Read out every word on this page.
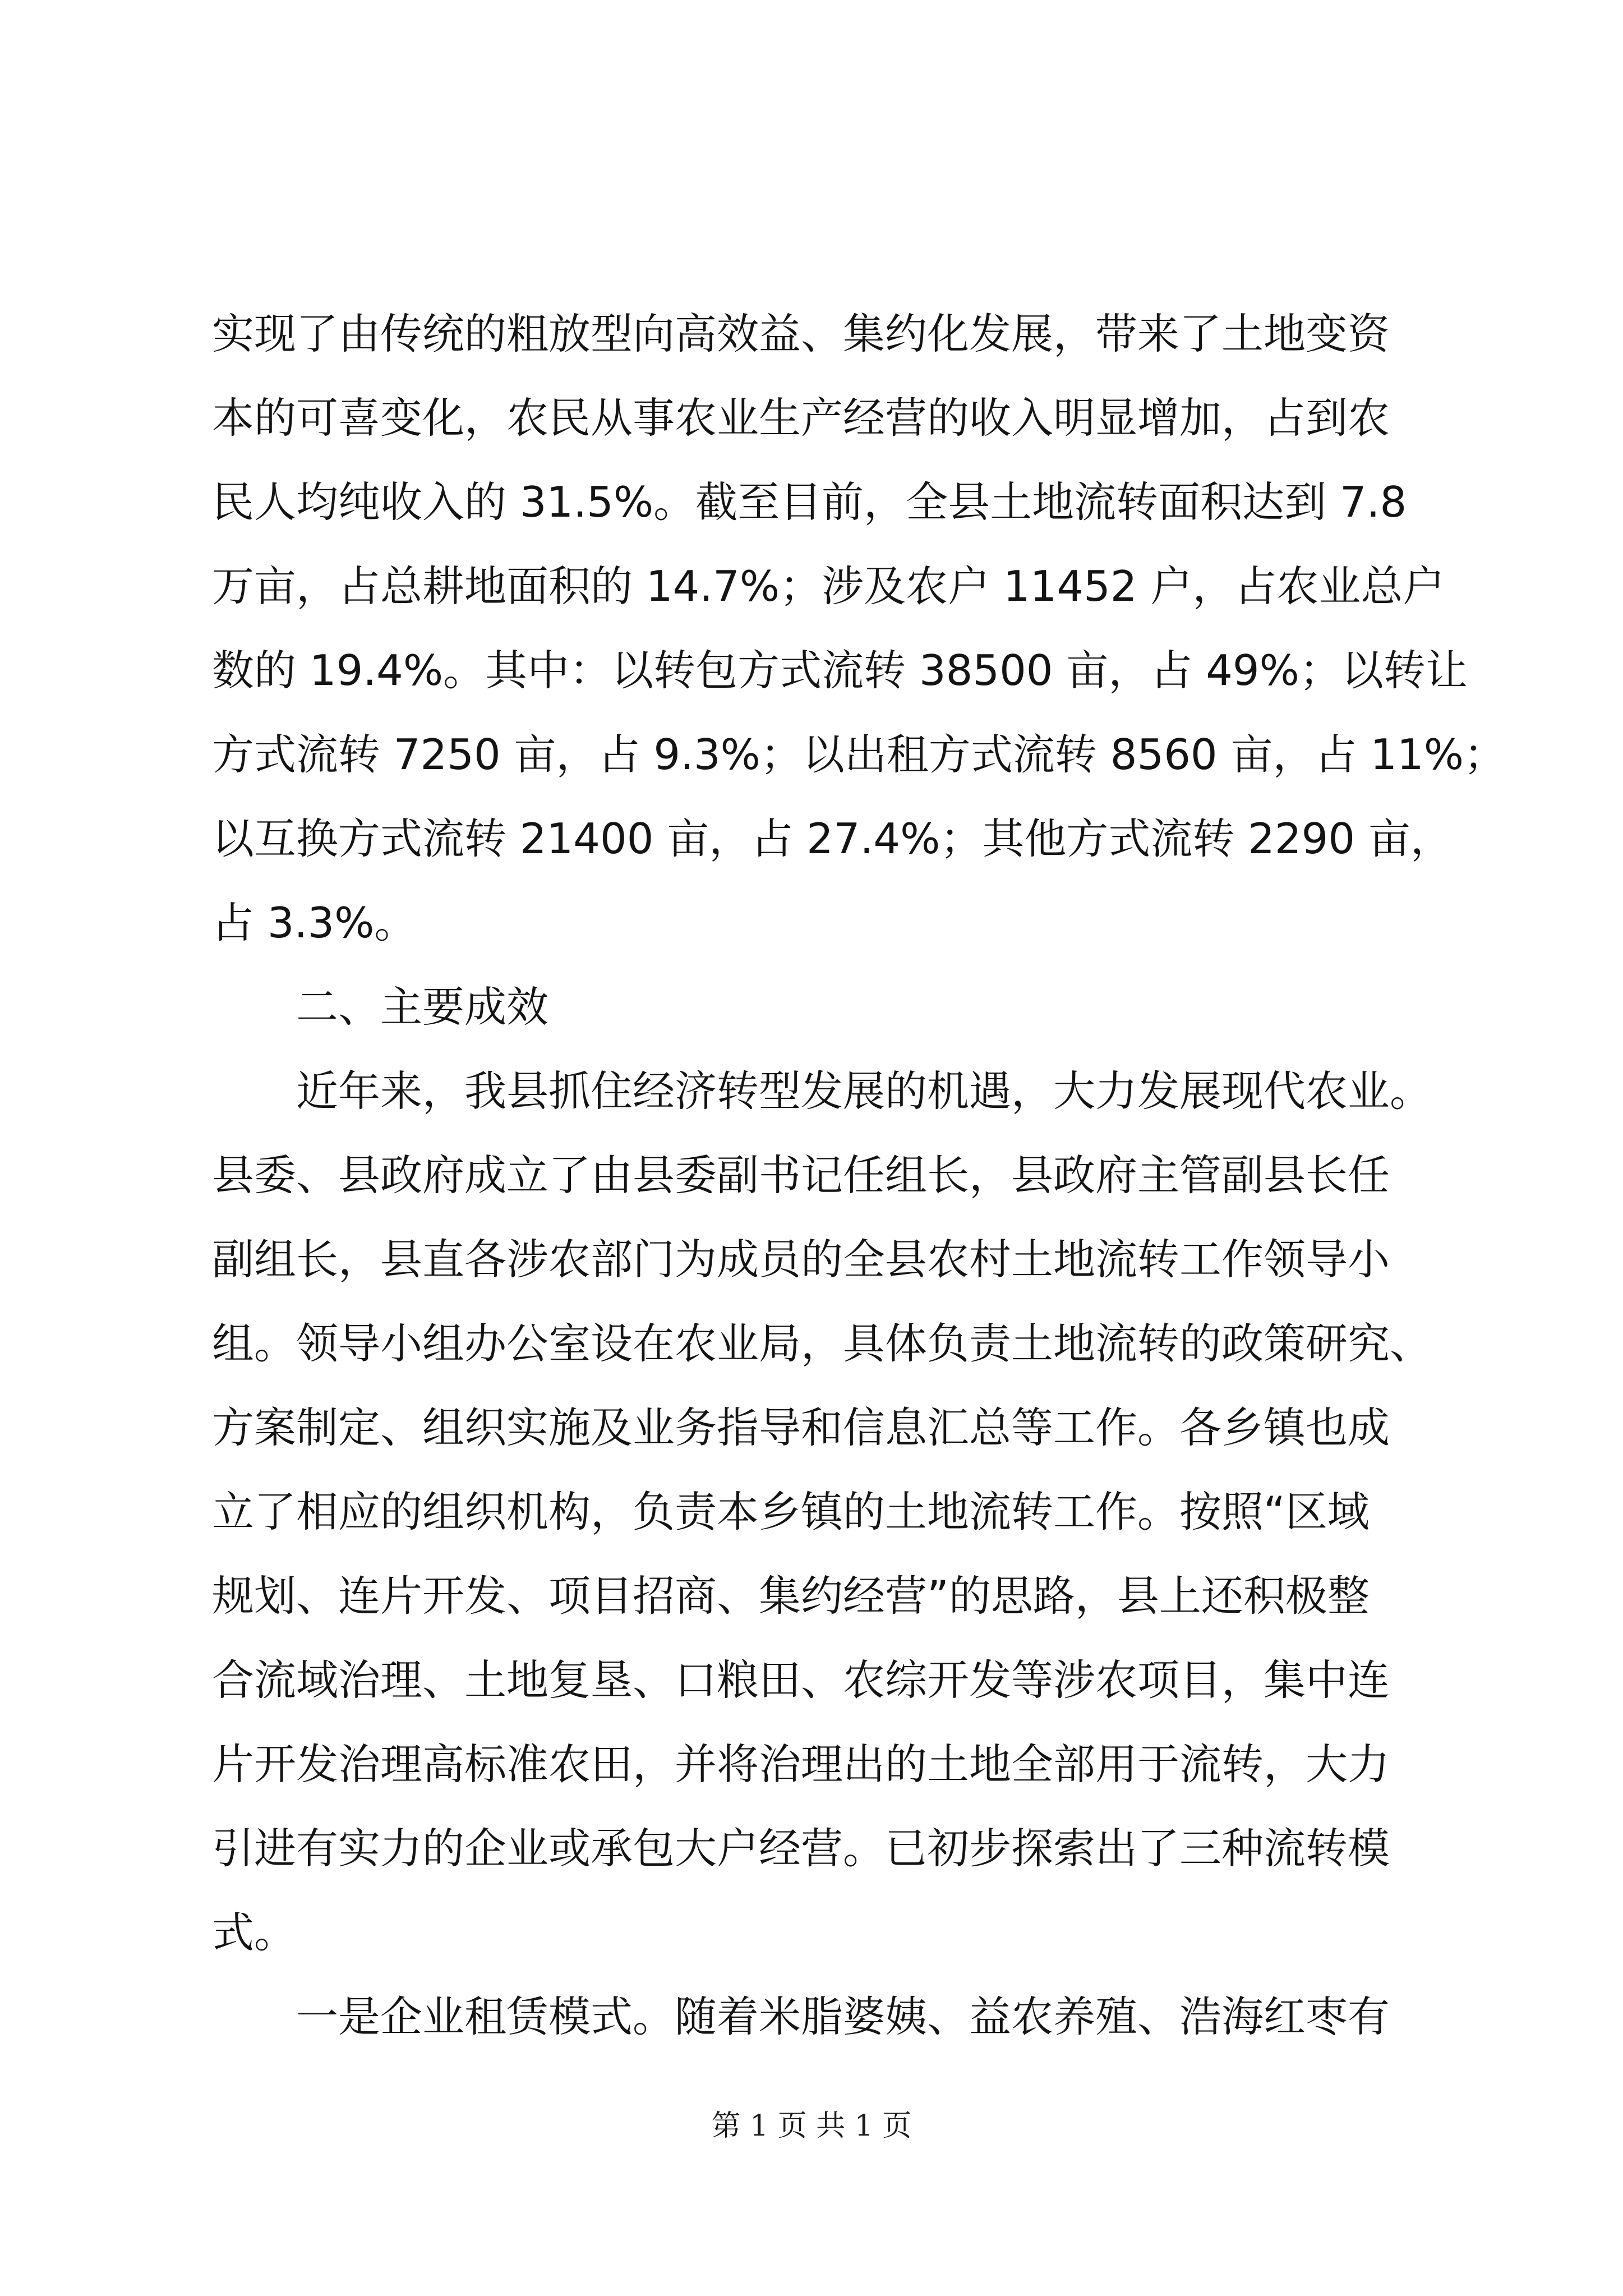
实现了由传统的粗放型向高效益、集约化发展，带来了土地变资
本的可喜变化，农民从事农业生产经营的收入明显增加，占到农
民人均纯收入的 31.5%。截至目前，全县土地流转面积达到 7.8
万亩，占总耕地面积的 14.7%；涉及农户 11452 户，占农业总户
数的 19.4%。其中：以转包方式流转 38500 亩，占 49%；以转让
方式流转 7250 亩，占 9.3%；以出租方式流转 8560 亩，占 11%；
以互换方式流转 21400 亩，占 27.4%；其他方式流转 2290 亩，
占 3.3%。
二、主要成效
近年来，我县抓住经济转型发展的机遇，大力发展现代农业。
县委、县政府成立了由县委副书记任组长，县政府主管副县长任
副组长，县直各涉农部门为成员的全县农村土地流转工作领导小
组。领导小组办公室设在农业局，具体负责土地流转的政策研究、
方案制定、组织实施及业务指导和信息汇总等工作。各乡镇也成
立了相应的组织机构，负责本乡镇的土地流转工作。按照“区域
规划、连片开发、项目招商、集约经营”的思路，县上还积极整
合流域治理、土地复垦、口粮田、农综开发等涉农项目，集中连
片开发治理高标准农田，并将治理出的土地全部用于流转，大力
引进有实力的企业或承包大户经营。已初步探索出了三种流转模
式。
一是企业租赁模式。随着米脂婆姨、益农养殖、浩海红枣有
第 1 页 共 1 页
